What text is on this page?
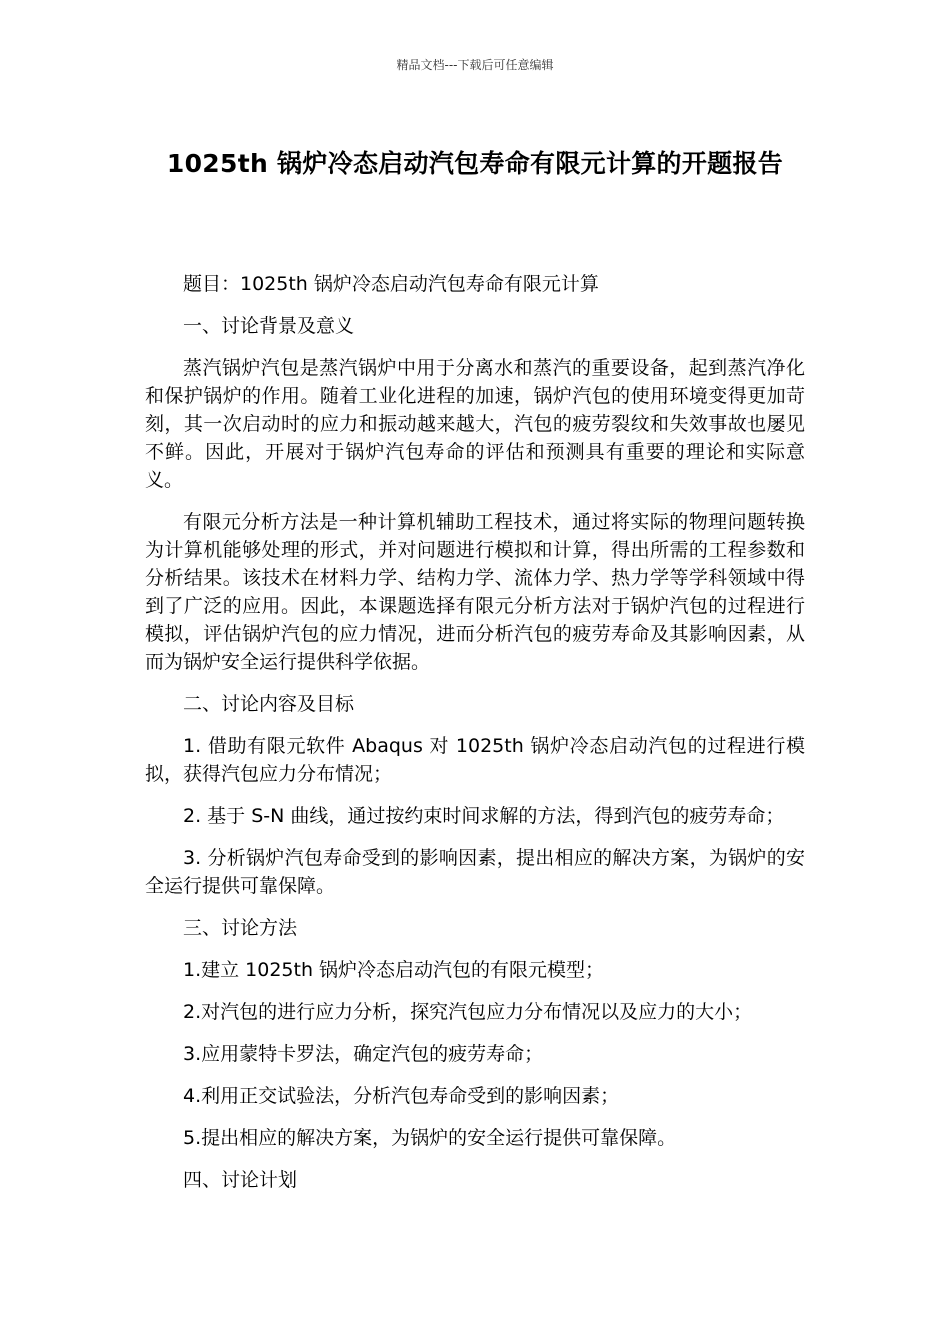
精品文档---下载后可任意编辑
1025th 锅炉冷态启动汽包寿命有限元计算的开题报告

题目：1025th 锅炉冷态启动汽包寿命有限元计算

一、讨论背景及意义

蒸汽锅炉汽包是蒸汽锅炉中用于分离水和蒸汽的重要设备，起到蒸汽净化和保护锅炉的作用。随着工业化进程的加速，锅炉汽包的使用环境变得更加苛刻，其一次启动时的应力和振动越来越大，汽包的疲劳裂纹和失效事故也屡见不鲜。因此，开展对于锅炉汽包寿命的评估和预测具有重要的理论和实际意义。

有限元分析方法是一种计算机辅助工程技术，通过将实际的物理问题转换为计算机能够处理的形式，并对问题进行模拟和计算，得出所需的工程参数和分析结果。该技术在材料力学、结构力学、流体力学、热力学等学科领域中得到了广泛的应用。因此，本课题选择有限元分析方法对于锅炉汽包的过程进行模拟，评估锅炉汽包的应力情况，进而分析汽包的疲劳寿命及其影响因素，从而为锅炉安全运行提供科学依据。

二、讨论内容及目标

1. 借助有限元软件 Abaqus 对 1025th 锅炉冷态启动汽包的过程进行模拟，获得汽包应力分布情况；

2. 基于 S-N 曲线，通过按约束时间求解的方法，得到汽包的疲劳寿命；

3. 分析锅炉汽包寿命受到的影响因素，提出相应的解决方案，为锅炉的安全运行提供可靠保障。

三、讨论方法

1.建立 1025th 锅炉冷态启动汽包的有限元模型；

2.对汽包的进行应力分析，探究汽包应力分布情况以及应力的大小；

3.应用蒙特卡罗法，确定汽包的疲劳寿命；

4.利用正交试验法，分析汽包寿命受到的影响因素；

5.提出相应的解决方案，为锅炉的安全运行提供可靠保障。

四、讨论计划
